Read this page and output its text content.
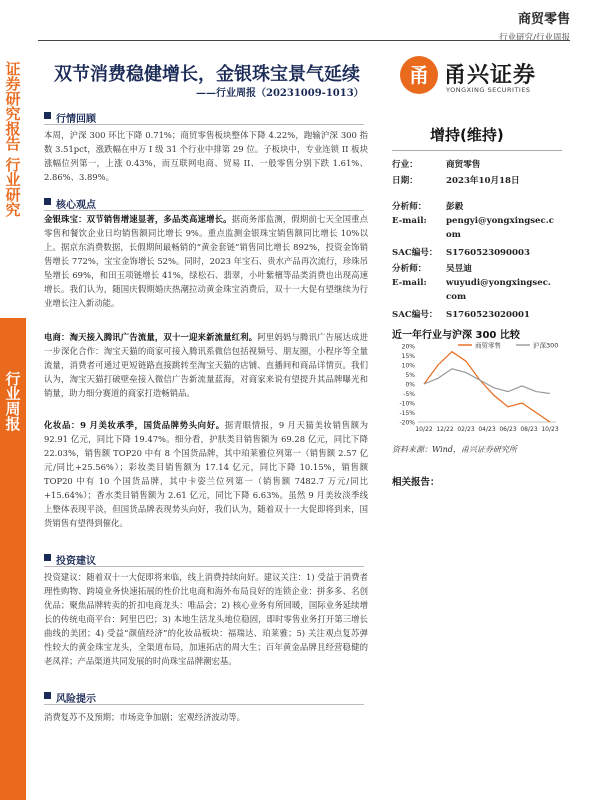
证券研究报告
行业研究
行业周报
商贸零售
行业研究/行业周报
双节消费稳健增长，金银珠宝景气延续
——行业周报（20231009-1013）
甬 甬兴证券
YONGXING SECURITIES
行情回顾
本周，沪深 300 环比下降 0.71%；商贸零售板块整体下降 4.22%，跑输沪深 300 指数 3.51pct，涨跌幅在申万 I 级 31 个行业中排第 29 位。子板块中，专业连锁 II 板块涨幅位列第一，上涨 0.43%，而互联网电商、贸易 II、一般零售分别下跌 1.61%、2.86%、3.89%。
核心观点
金银珠宝：双节销售增速显著，多品类高速增长。据商务部监测，假期前七天全国重点零售和餐饮企业日均销售额同比增长 9%。重点监测金银珠宝销售额同比增长 10%以上。据京东消费数据，长假期间最畅销的“黄金套链”销售同比增长 892%，投资金饰销售增长 772%，宝宝金饰增长 52%。同时，2023 年宝石、贵水产品再次流行，珍珠吊坠增长 69%，和田玉项链增长 41%，绿松石、翡翠，小叶紫檀等品类消费也出现高速增长。我们认为，随国庆假期婚庆热潮拉动黄金珠宝消费后，双十一大促有望继续为行业增长注入新动能。
电商：淘天接入腾讯广告流量，双十一迎来新流量红利。阿里妈妈与腾讯广告展达成进一步深化合作：淘宝天猫的商家可接入腾讯系微信包括视频号、朋友圈，小程序等全量流量，消费者可通过更短链路直接跳转至淘宝天猫的店铺、直播间和商品详情页。我们认为，淘宝天猫打破壁垒接入微信广告新流量蓝海，对商家来说有望提升其品牌曝光和销量，助力细分赛道的商家打造畅销品。
化妆品：9 月美妆承季，国货品牌势头向好。据青眼情报，9 月天猫美妆销售额为 92.91 亿元，同比下降 19.47%。细分看，护肤类目销售额为 69.28 亿元，同比下降 22.03%，销售额 TOP20 中有 8 个国货品牌，其中珀莱雅位列第一（销售额 2.57 亿元/同比+25.56%）；彩妆类目销售额为 17.14 亿元，同比下降 10.15%，销售额 TOP20 中有 10 个国货品牌，其中卡姿兰位列第一（销售额 7482.7 万元/同比+15.64%）；香水类目销售额为 2.61 亿元，同比下降 6.63%。虽然 9 月美妆淡季线上整体表现平淡，但国货品牌表现势头向好，我们认为，随着双十一大促即将到来，国货销售有望得到催化。
投资建议
投资建议：随着双十一大促即将来临，线上消费持续向好。建议关注：1) 受益于消费者理性购物、跨境业务快速拓展的性价比电商和海外布局良好的连锁企业：拼多多、名创优品；聚焦品牌转卖的折扣电商龙头：唯品会；2) 核心业务有所回暖，国际业务延续增长的传统电商平台：阿里巴巴；3) 本地生活龙头地位稳固，即时零售业务打开第三增长曲线的美团；4) 受益“颜值经济”的化妆品板块：福瑞达、珀莱雅；5) 关注观点复苏弹性较大的黄金珠宝龙头，全渠道布局，加速拓店的周大生；百年黄金品牌且经营稳健的老凤祥；产品渠道共同发展的时尚珠宝品牌潮宏基。
风险提示
消费复苏不及预期；市场竞争加剧；宏观经济波动等。
增持(维持)
行业：	商贸零售
日期：	2023年10月18日
分析师： 彭毅
E-mail: pengyi@yongxingsec.c
om
SAC编号： S1760523090003
分析师： 吴昱迪
E-mail: wuyudi@yongxingsec.
com
SAC编号： S1760523020001
近一年行业与沪深 300 比较
20%
15%
10%
5%
0%
-5%
-10%
-15%
-20%
10/22 12/22 02/23 04/23 06/23 08/23 10/23
商贸零售	沪深300
资料来源：Wind，甬兴证券研究所
相关报告：
